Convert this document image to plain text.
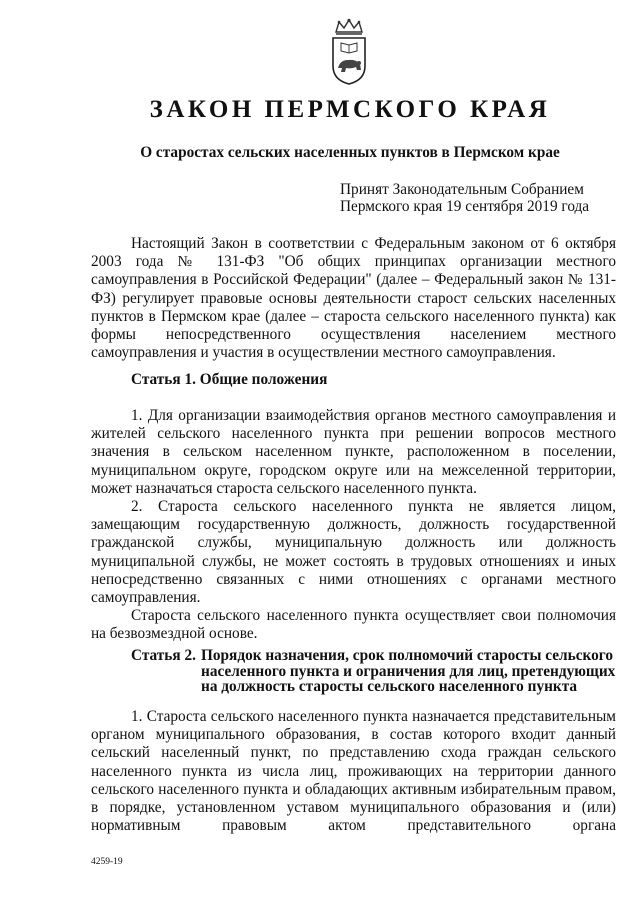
ЗАКОН ПЕРМСКОГО КРАЯ
О старостах сельских населенных пунктов в Пермском крае
Принят Законодательным Собранием
Пермского края 19 сентября 2019 года

Настоящий Закон в соответствии с Федеральным законом от 6 октября 2003 года № 131-ФЗ "Об общих принципах организации местного самоуправления в Российской Федерации" (далее – Федеральный закон № 131-ФЗ) регулирует правовые основы деятельности старост сельских населенных пунктов в Пермском крае (далее – староста сельского населенного пункта) как формы непосредственного осуществления населением местного самоуправления и участия в осуществлении местного самоуправления.

Статья 1. Общие положения

1. Для организации взаимодействия органов местного самоуправления и жителей сельского населенного пункта при решении вопросов местного значения в сельском населенном пункте, расположенном в поселении, муниципальном округе, городском округе или на межселенной территории, может назначаться староста сельского населенного пункта.

2. Староста сельского населенного пункта не является лицом, замещающим государственную должность, должность государственной гражданской службы, муниципальную должность или должность муниципальной службы, не может состоять в трудовых отношениях и иных непосредственно связанных с ними отношениях с органами местного самоуправления.

Староста сельского населенного пункта осуществляет свои полномочия на безвозмездной основе.

Статья 2. Порядок назначения, срок полномочий старосты сельского
населенного пункта и ограничения для лиц, претендующих
на должность старосты сельского населенного пункта

1. Староста сельского населенного пункта назначается представительным органом муниципального образования, в состав которого входит данный сельский населенный пункт, по представлению схода граждан сельского населенного пункта из числа лиц, проживающих на территории данного сельского населенного пункта и обладающих активным избирательным правом, в порядке, установленном уставом муниципального образования и (или) нормативным правовым актом представительного органа

4259-19
